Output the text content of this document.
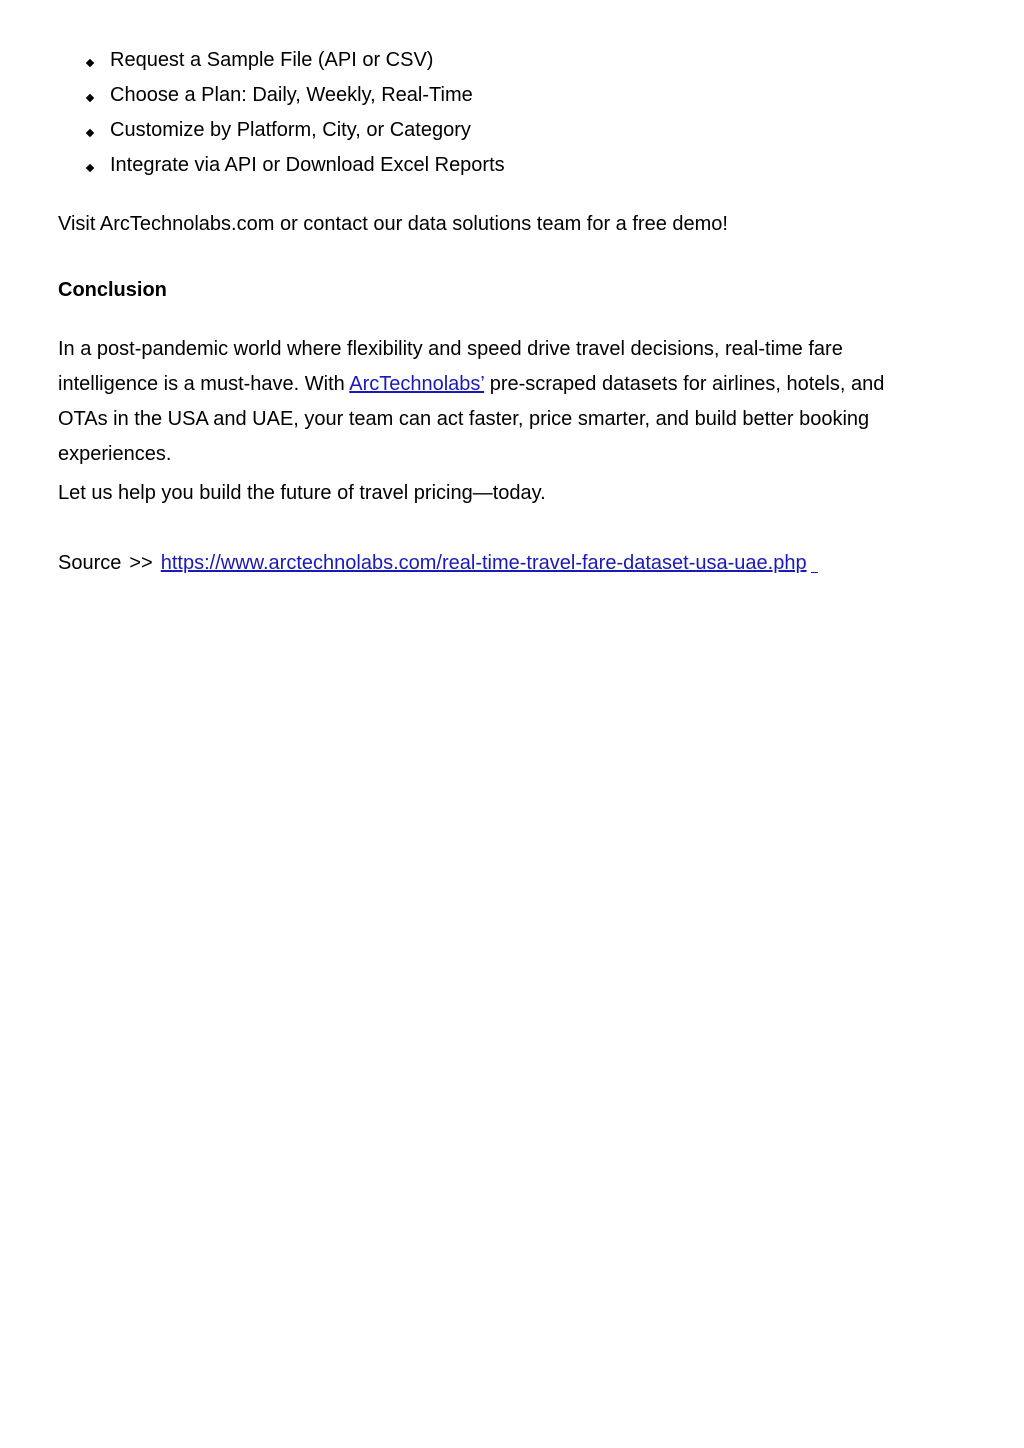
Request a Sample File (API or CSV)
Choose a Plan: Daily, Weekly, Real-Time
Customize by Platform, City, or Category
Integrate via API or Download Excel Reports

Visit ArcTechnolabs.com or contact our data solutions team for a free demo!

Conclusion

In a post-pandemic world where flexibility and speed drive travel decisions, real-time fare
intelligence is a must-have. With ArcTechnolabs’ pre-scraped datasets for airlines, hotels, and
OTAs in the USA and UAE, your team can act faster, price smarter, and build better booking
experiences.

Let us help you build the future of travel pricing—today.

Source >> https://www.arctechnolabs.com/real-time-travel-fare-dataset-usa-uae.php
